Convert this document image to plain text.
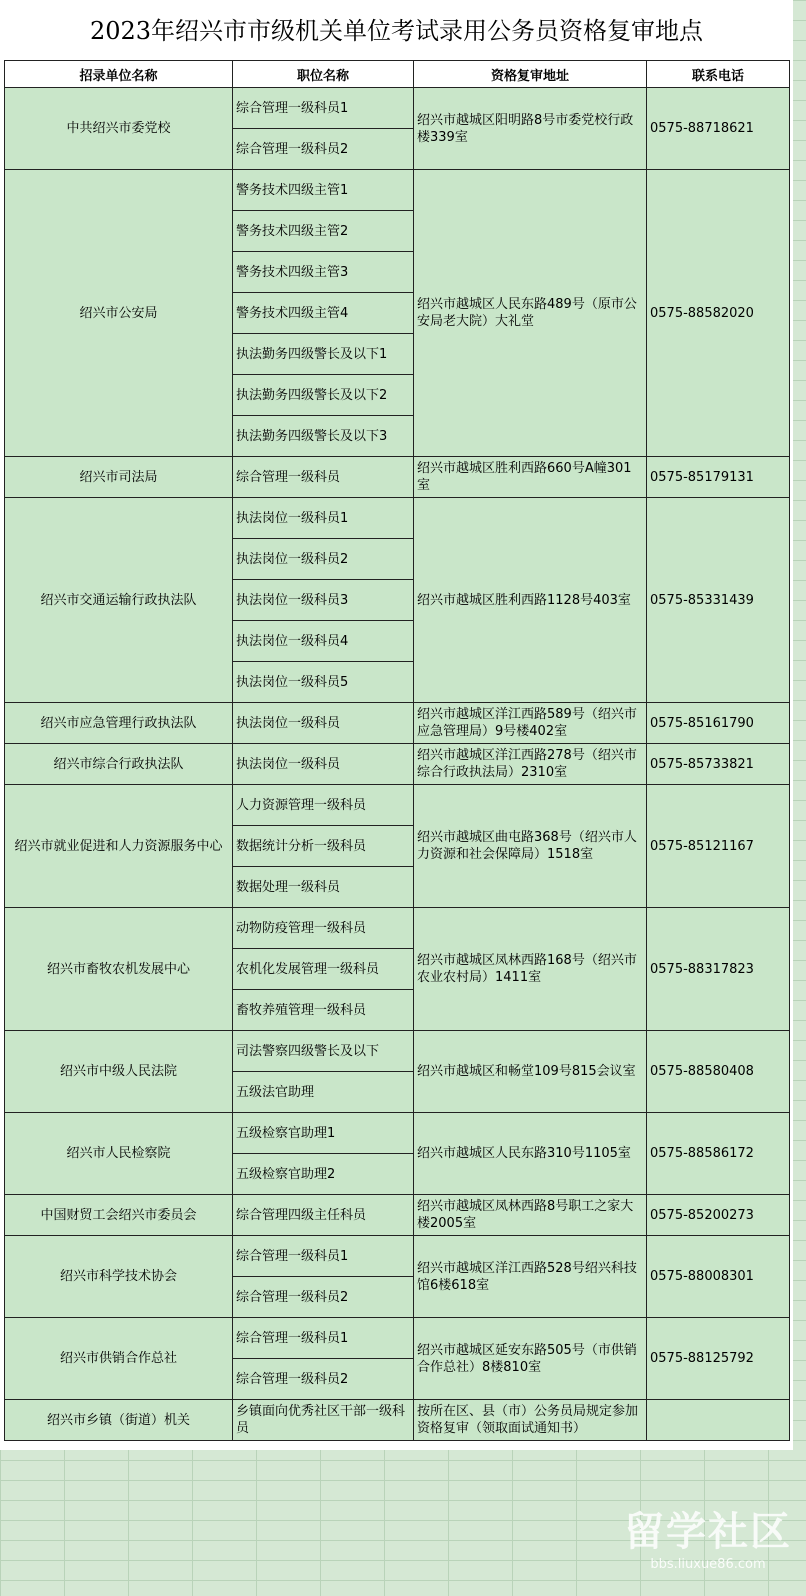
2023年绍兴市市级机关单位考试录用公务员资格复审地点
招录单位名称	职位名称	资格复审地址	联系电话
中共绍兴市委党校	综合管理一级科员1	绍兴市越城区阳明路8号市委党校行政楼339室	0575-88718621
	综合管理一级科员2		
绍兴市公安局	警务技术四级主管1	绍兴市越城区人民东路489号（原市公安局老大院）大礼堂	0575-88582020
	警务技术四级主管2		
	警务技术四级主管3		
	警务技术四级主管4		
	执法勤务四级警长及以下1		
	执法勤务四级警长及以下2		
	执法勤务四级警长及以下3		
绍兴市司法局	综合管理一级科员	绍兴市越城区胜利西路660号A幢301室	0575-85179131
绍兴市交通运输行政执法队	执法岗位一级科员1	绍兴市越城区胜利西路1128号403室	0575-85331439
	执法岗位一级科员2		
	执法岗位一级科员3		
	执法岗位一级科员4		
	执法岗位一级科员5		
绍兴市应急管理行政执法队	执法岗位一级科员	绍兴市越城区洋江西路589号（绍兴市应急管理局）9号楼402室	0575-85161790
绍兴市综合行政执法队	执法岗位一级科员	绍兴市越城区洋江西路278号（绍兴市综合行政执法局）2310室	0575-85733821
绍兴市就业促进和人力资源服务中心	人力资源管理一级科员	绍兴市越城区曲屯路368号（绍兴市人力资源和社会保障局）1518室	0575-85121167
	数据统计分析一级科员		
	数据处理一级科员		
绍兴市畜牧农机发展中心	动物防疫管理一级科员	绍兴市越城区凤林西路168号（绍兴市农业农村局）1411室	0575-88317823
	农机化发展管理一级科员		
	畜牧养殖管理一级科员		
绍兴市中级人民法院	司法警察四级警长及以下	绍兴市越城区和畅堂109号815会议室	0575-88580408
	五级法官助理		
绍兴市人民检察院	五级检察官助理1	绍兴市越城区人民东路310号1105室	0575-88586172
	五级检察官助理2		
中国财贸工会绍兴市委员会	综合管理四级主任科员	绍兴市越城区凤林西路8号职工之家大楼2005室	0575-85200273
绍兴市科学技术协会	综合管理一级科员1	绍兴市越城区洋江西路528号绍兴科技馆6楼618室	0575-88008301
	综合管理一级科员2		
绍兴市供销合作总社	综合管理一级科员1	绍兴市越城区延安东路505号（市供销合作总社）8楼810室	0575-88125792
	综合管理一级科员2		
绍兴市乡镇（街道）机关	乡镇面向优秀社区干部一级科员	按所在区、县（市）公务员局规定参加资格复审（领取面试通知书）	
留学社区
bbs.liuxue86.com
